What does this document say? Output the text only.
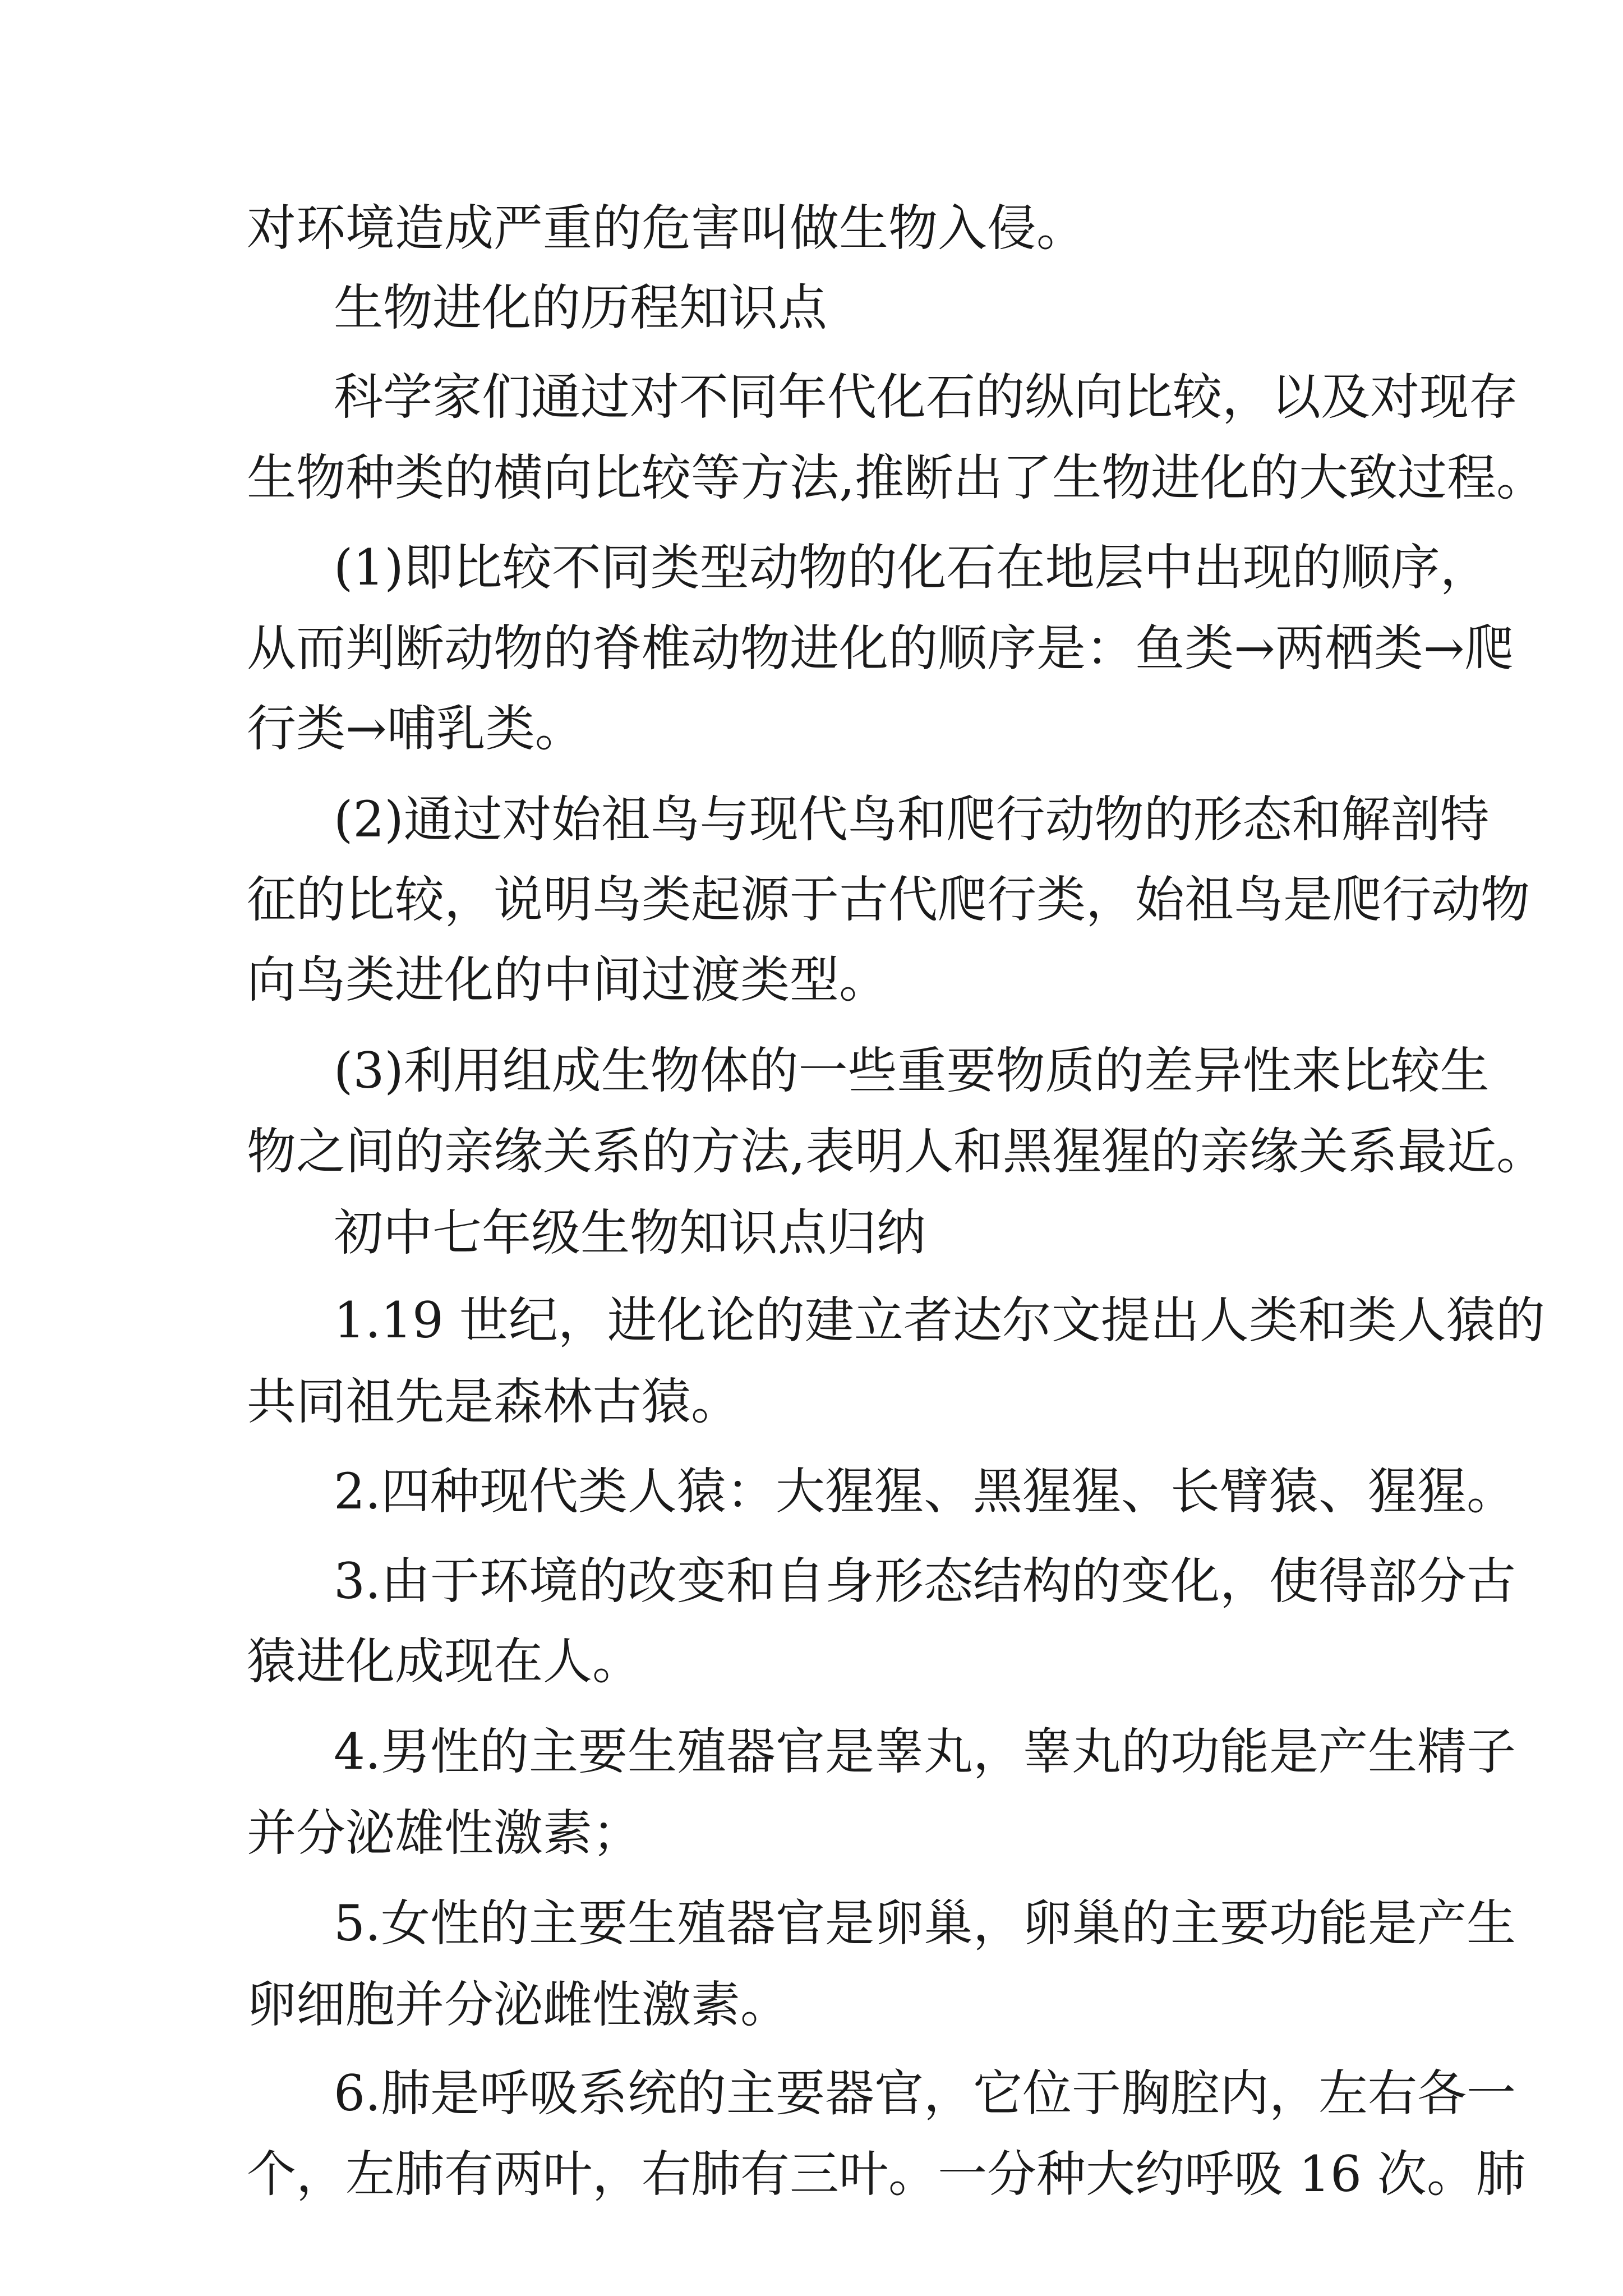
对环境造成严重的危害叫做生物入侵。
生物进化的历程知识点
科学家们通过对不同年代化石的纵向比较，以及对现存
生物种类的横向比较等方法,推断出了生物进化的大致过程。
(1)即比较不同类型动物的化石在地层中出现的顺序，
从而判断动物的脊椎动物进化的顺序是：鱼类→两栖类→爬
行类→哺乳类。
(2)通过对始祖鸟与现代鸟和爬行动物的形态和解剖特
征的比较，说明鸟类起源于古代爬行类，始祖鸟是爬行动物
向鸟类进化的中间过渡类型。
(3)利用组成生物体的一些重要物质的差异性来比较生
物之间的亲缘关系的方法,表明人和黑猩猩的亲缘关系最近。
初中七年级生物知识点归纳
1.19 世纪，进化论的建立者达尔文提出人类和类人猿的
共同祖先是森林古猿。
2.四种现代类人猿：大猩猩、黑猩猩、长臂猿、猩猩。
3.由于环境的改变和自身形态结构的变化，使得部分古
猿进化成现在人。
4.男性的主要生殖器官是睾丸，睾丸的功能是产生精子
并分泌雄性激素；
5.女性的主要生殖器官是卵巢，卵巢的主要功能是产生
卵细胞并分泌雌性激素。
6.肺是呼吸系统的主要器官，它位于胸腔内，左右各一
个，左肺有两叶，右肺有三叶。一分种大约呼吸 16 次。肺
